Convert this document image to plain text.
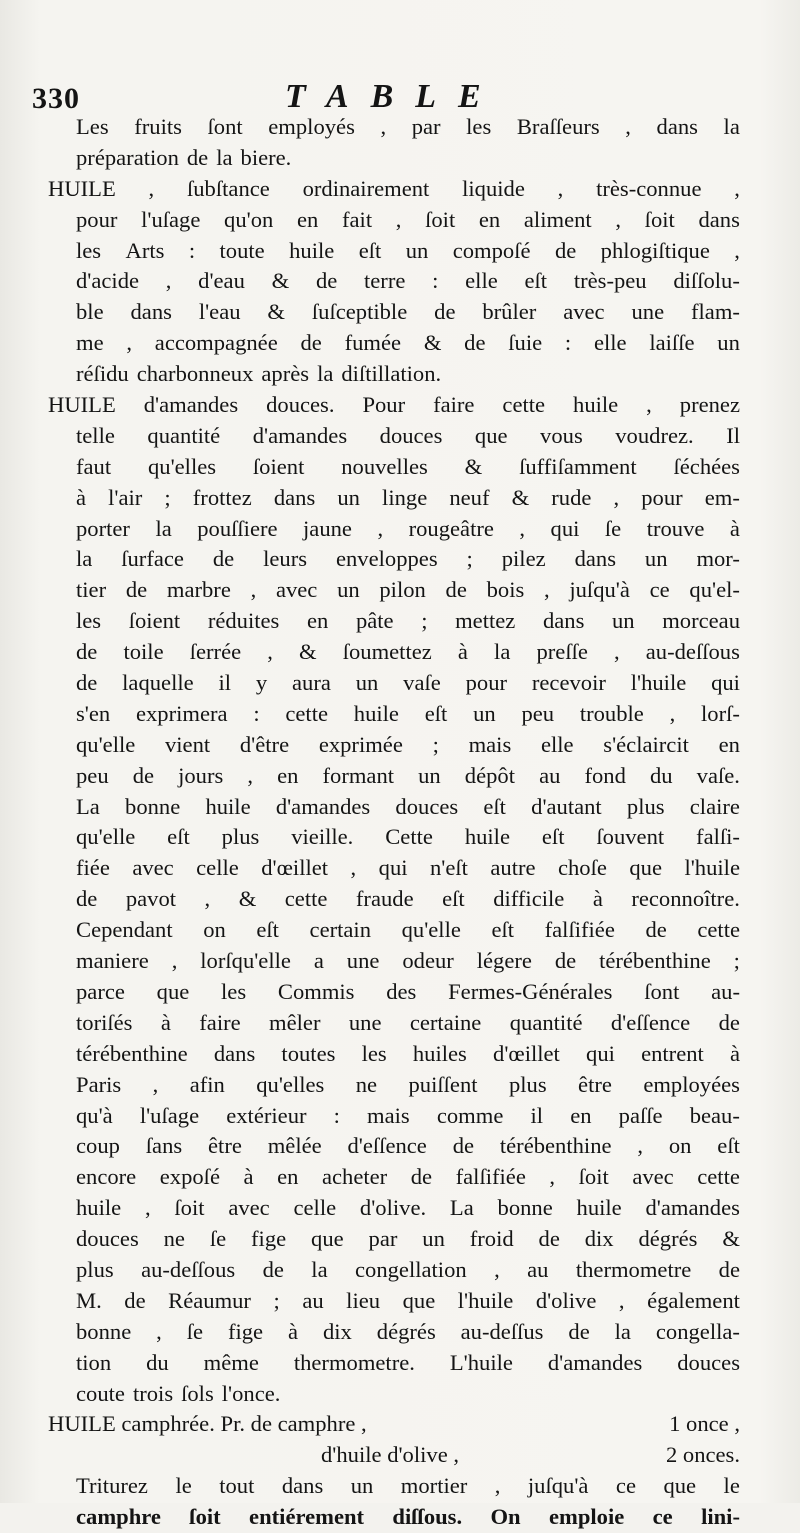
330	TABLE
Les fruits ſont employés , par les Braſſeurs , dans la
préparation de la biere.
HUILE , ſubſtance ordinairement liquide , très-connue ,
pour l'uſage qu'on en fait , ſoit en aliment , ſoit dans
les Arts : toute huile eſt un compoſé de phlogiſtique ,
d'acide , d'eau & de terre : elle eſt très-peu diſſolu-
ble dans l'eau & ſuſceptible de brûler avec une flam-
me , accompagnée de fumée & de ſuie : elle laiſſe un
réſidu charbonneux après la diſtillation.
HUILE d'amandes douces. Pour faire cette huile , prenez
telle quantité d'amandes douces que vous voudrez. Il
faut qu'elles ſoient nouvelles & ſuffiſamment ſéchées
à l'air ; frottez dans un linge neuf & rude , pour em-
porter la pouſſiere jaune , rougeâtre , qui ſe trouve à
la ſurface de leurs enveloppes ; pilez dans un mor-
tier de marbre , avec un pilon de bois , juſqu'à ce qu'el-
les ſoient réduites en pâte ; mettez dans un morceau
de toile ſerrée , & ſoumettez à la preſſe , au-deſſous
de laquelle il y aura un vaſe pour recevoir l'huile qui
s'en exprimera : cette huile eſt un peu trouble , lorſ-
qu'elle vient d'être exprimée ; mais elle s'éclaircit en
peu de jours , en formant un dépôt au fond du vaſe.
La bonne huile d'amandes douces eſt d'autant plus claire
qu'elle eſt plus vieille. Cette huile eſt ſouvent falſi-
fiée avec celle d'œillet , qui n'eſt autre choſe que l'huile
de pavot , & cette fraude eſt difficile à reconnoître.
Cependant on eſt certain qu'elle eſt falſifiée de cette
maniere , lorſqu'elle a une odeur légere de térébenthine ;
parce que les Commis des Fermes-Générales ſont au-
toriſés à faire mêler une certaine quantité d'eſſence de
térébenthine dans toutes les huiles d'œillet qui entrent à
Paris , afin qu'elles ne puiſſent plus être employées
qu'à l'uſage extérieur : mais comme il en paſſe beau-
coup ſans être mêlée d'eſſence de térébenthine , on eſt
encore expoſé à en acheter de falſifiée , ſoit avec cette
huile , ſoit avec celle d'olive. La bonne huile d'amandes
douces ne ſe fige que par un froid de dix dégrés &
plus au-deſſous de la congellation , au thermometre de
M. de Réaumur ; au lieu que l'huile d'olive , également
bonne , ſe fige à dix dégrés au-deſſus de la congella-
tion du même thermometre. L'huile d'amandes douces
coute trois ſols l'once.
HUILE camphrée. Pr. de camphre ,	1 once ,
d'huile d'olive ,	2 onces.
Triturez le tout dans un mortier , juſqu'à ce que le
camphre ſoit entiérement diſſous. On emploie ce lini-
